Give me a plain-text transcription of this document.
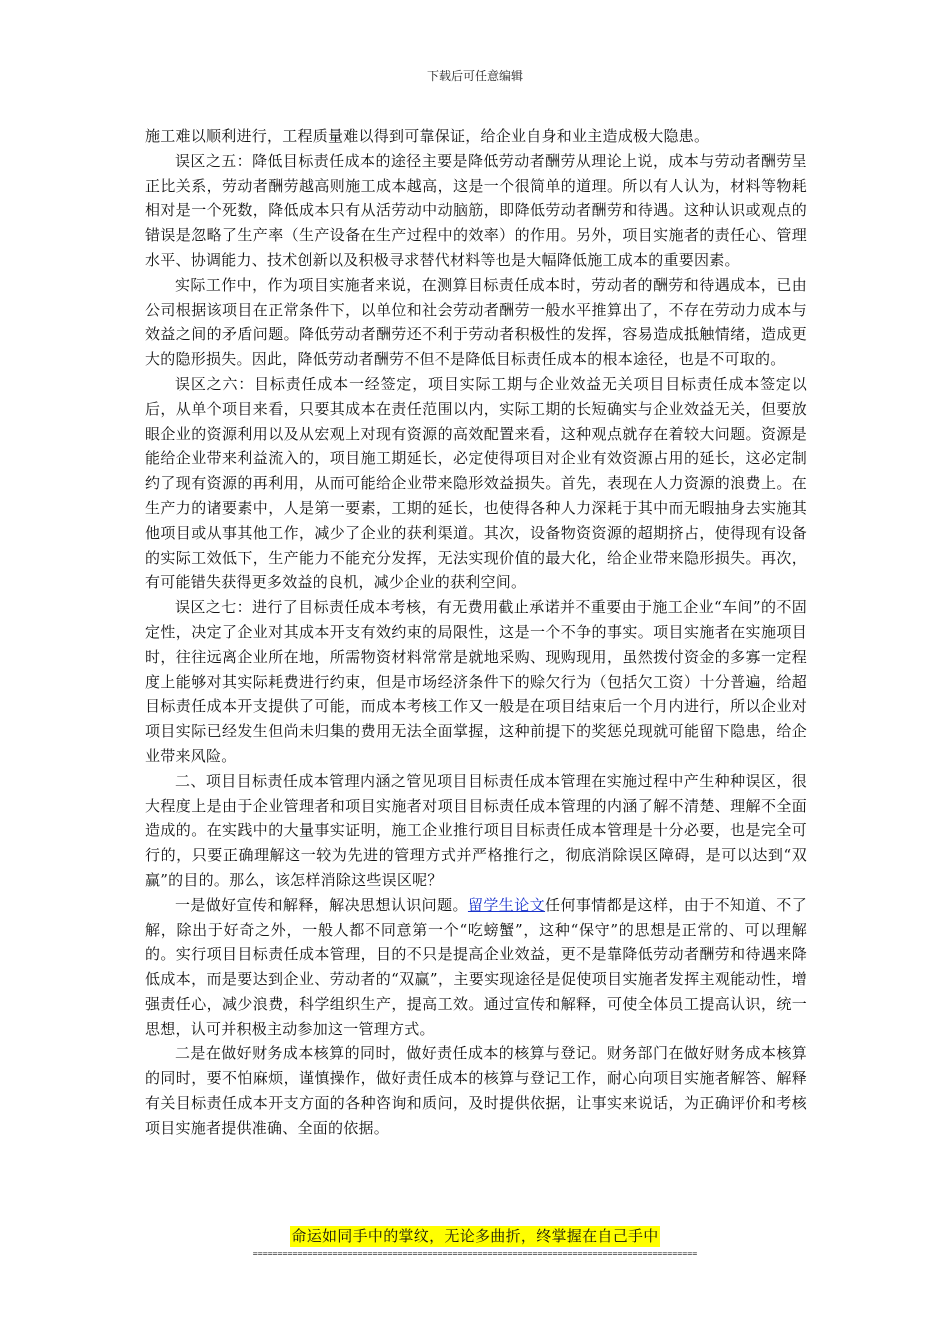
下载后可任意编辑

施工难以顺利进行，工程质量难以得到可靠保证，给企业自身和业主造成极大隐患。

误区之五：降低目标责任成本的途径主要是降低劳动者酬劳从理论上说，成本与劳动者酬劳呈正比关系，劳动者酬劳越高则施工成本越高，这是一个很简单的道理。所以有人认为，材料等物耗相对是一个死数，降低成本只有从活劳动中动脑筋，即降低劳动者酬劳和待遇。这种认识或观点的错误是忽略了生产率（生产设备在生产过程中的效率）的作用。另外，项目实施者的责任心、管理水平、协调能力、技术创新以及积极寻求替代材料等也是大幅降低施工成本的重要因素。

实际工作中，作为项目实施者来说，在测算目标责任成本时，劳动者的酬劳和待遇成本，已由公司根据该项目在正常条件下，以单位和社会劳动者酬劳一般水平推算出了，不存在劳动力成本与效益之间的矛盾问题。降低劳动者酬劳还不利于劳动者积极性的发挥，容易造成抵触情绪，造成更大的隐形损失。因此，降低劳动者酬劳不但不是降低目标责任成本的根本途径，也是不可取的。

误区之六：目标责任成本一经签定，项目实际工期与企业效益无关项目目标责任成本签定以后，从单个项目来看，只要其成本在责任范围以内，实际工期的长短确实与企业效益无关，但要放眼企业的资源利用以及从宏观上对现有资源的高效配置来看，这种观点就存在着较大问题。资源是能给企业带来利益流入的，项目施工期延长，必定使得项目对企业有效资源占用的延长，这必定制约了现有资源的再利用，从而可能给企业带来隐形效益损失。首先，表现在人力资源的浪费上。在生产力的诸要素中，人是第一要素，工期的延长，也使得各种人力深耗于其中而无暇抽身去实施其他项目或从事其他工作，减少了企业的获利渠道。其次，设备物资资源的超期挤占，使得现有设备的实际工效低下，生产能力不能充分发挥，无法实现价值的最大化，给企业带来隐形损失。再次，有可能错失获得更多效益的良机，减少企业的获利空间。

误区之七：进行了目标责任成本考核，有无费用截止承诺并不重要由于施工企业“车间”的不固定性，决定了企业对其成本开支有效约束的局限性，这是一个不争的事实。项目实施者在实施项目时，往往远离企业所在地，所需物资材料常常是就地采购、现购现用，虽然拨付资金的多寡一定程度上能够对其实际耗费进行约束，但是市场经济条件下的赊欠行为（包括欠工资）十分普遍，给超目标责任成本开支提供了可能，而成本考核工作又一般是在项目结束后一个月内进行，所以企业对项目实际已经发生但尚未归集的费用无法全面掌握，这种前提下的奖惩兑现就可能留下隐患，给企业带来风险。

二、项目目标责任成本管理内涵之管见项目目标责任成本管理在实施过程中产生种种误区，很大程度上是由于企业管理者和项目实施者对项目目标责任成本管理的内涵了解不清楚、理解不全面造成的。在实践中的大量事实证明，施工企业推行项目目标责任成本管理是十分必要，也是完全可行的，只要正确理解这一较为先进的管理方式并严格推行之，彻底消除误区障碍，是可以达到“双赢”的目的。那么，该怎样消除这些误区呢？

一是做好宣传和解释，解决思想认识问题。留学生论文任何事情都是这样，由于不知道、不了解，除出于好奇之外，一般人都不同意第一个“吃螃蟹”，这种“保守”的思想是正常的、可以理解的。实行项目目标责任成本管理，目的不只是提高企业效益，更不是靠降低劳动者酬劳和待遇来降低成本，而是要达到企业、劳动者的“双赢”，主要实现途径是促使项目实施者发挥主观能动性，增强责任心，减少浪费，科学组织生产，提高工效。通过宣传和解释，可使全体员工提高认识，统一思想，认可并积极主动参加这一管理方式。

二是在做好财务成本核算的同时，做好责任成本的核算与登记。财务部门在做好财务成本核算的同时，要不怕麻烦，谨慎操作，做好责任成本的核算与登记工作，耐心向项目实施者解答、解释有关目标责任成本开支方面的各种咨询和质问，及时提供依据，让事实来说话，为正确评价和考核项目实施者提供准确、全面的依据。

命运如同手中的掌纹，无论多曲折，终掌握在自己手中
=========================================================================================
